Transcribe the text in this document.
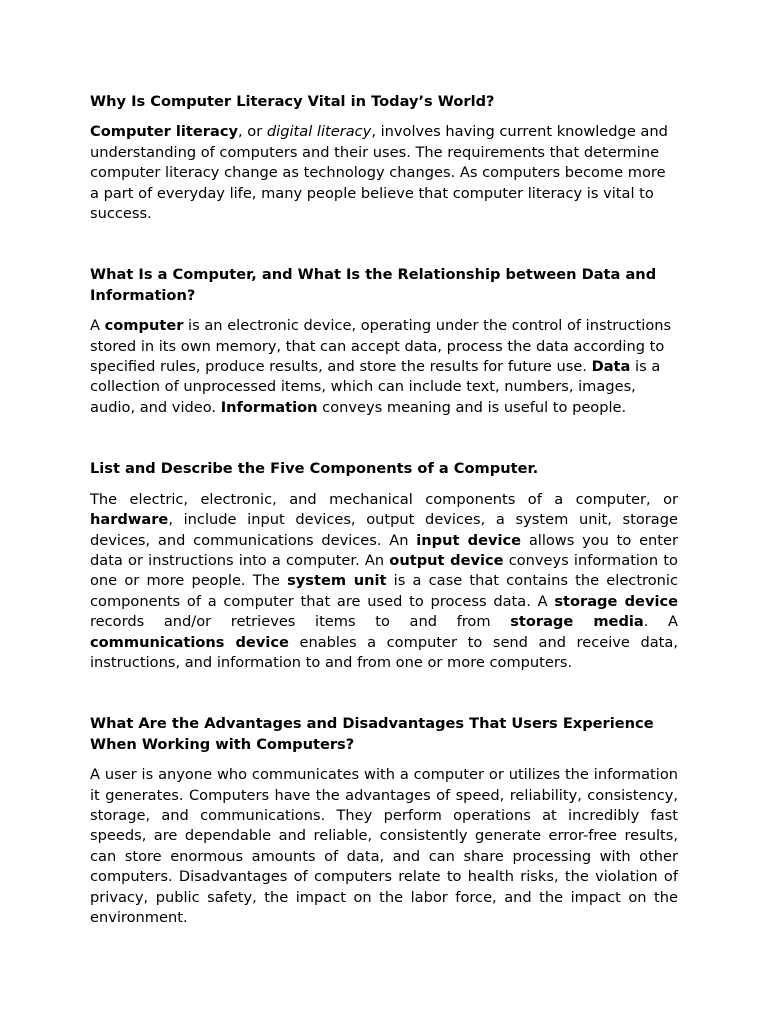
Why Is Computer Literacy Vital in Today’s World?

Computer literacy, or digital literacy, involves having current knowledge and understanding of computers and their uses. The requirements that determine computer literacy change as technology changes. As computers become more a part of everyday life, many people believe that computer literacy is vital to success.

What Is a Computer, and What Is the Relationship between Data and Information?

A computer is an electronic device, operating under the control of instructions stored in its own memory, that can accept data, process the data according to specified rules, produce results, and store the results for future use. Data is a collection of unprocessed items, which can include text, numbers, images, audio, and video. Information conveys meaning and is useful to people.

List and Describe the Five Components of a Computer.

The electric, electronic, and mechanical components of a computer, or hardware, include input devices, output devices, a system unit, storage devices, and communications devices. An input device allows you to enter data or instructions into a computer. An output device conveys information to one or more people. The system unit is a case that contains the electronic components of a computer that are used to process data. A storage device records and/or retrieves items to and from storage media. A communications device enables a computer to send and receive data, instructions, and information to and from one or more computers.

What Are the Advantages and Disadvantages That Users Experience When Working with Computers?

A user is anyone who communicates with a computer or utilizes the information it generates. Computers have the advantages of speed, reliability, consistency, storage, and communications. They perform operations at incredibly fast speeds, are dependable and reliable, consistently generate error-free results, can store enormous amounts of data, and can share processing with other computers. Disadvantages of computers relate to health risks, the violation of privacy, public safety, the impact on the labor force, and the impact on the environment.
